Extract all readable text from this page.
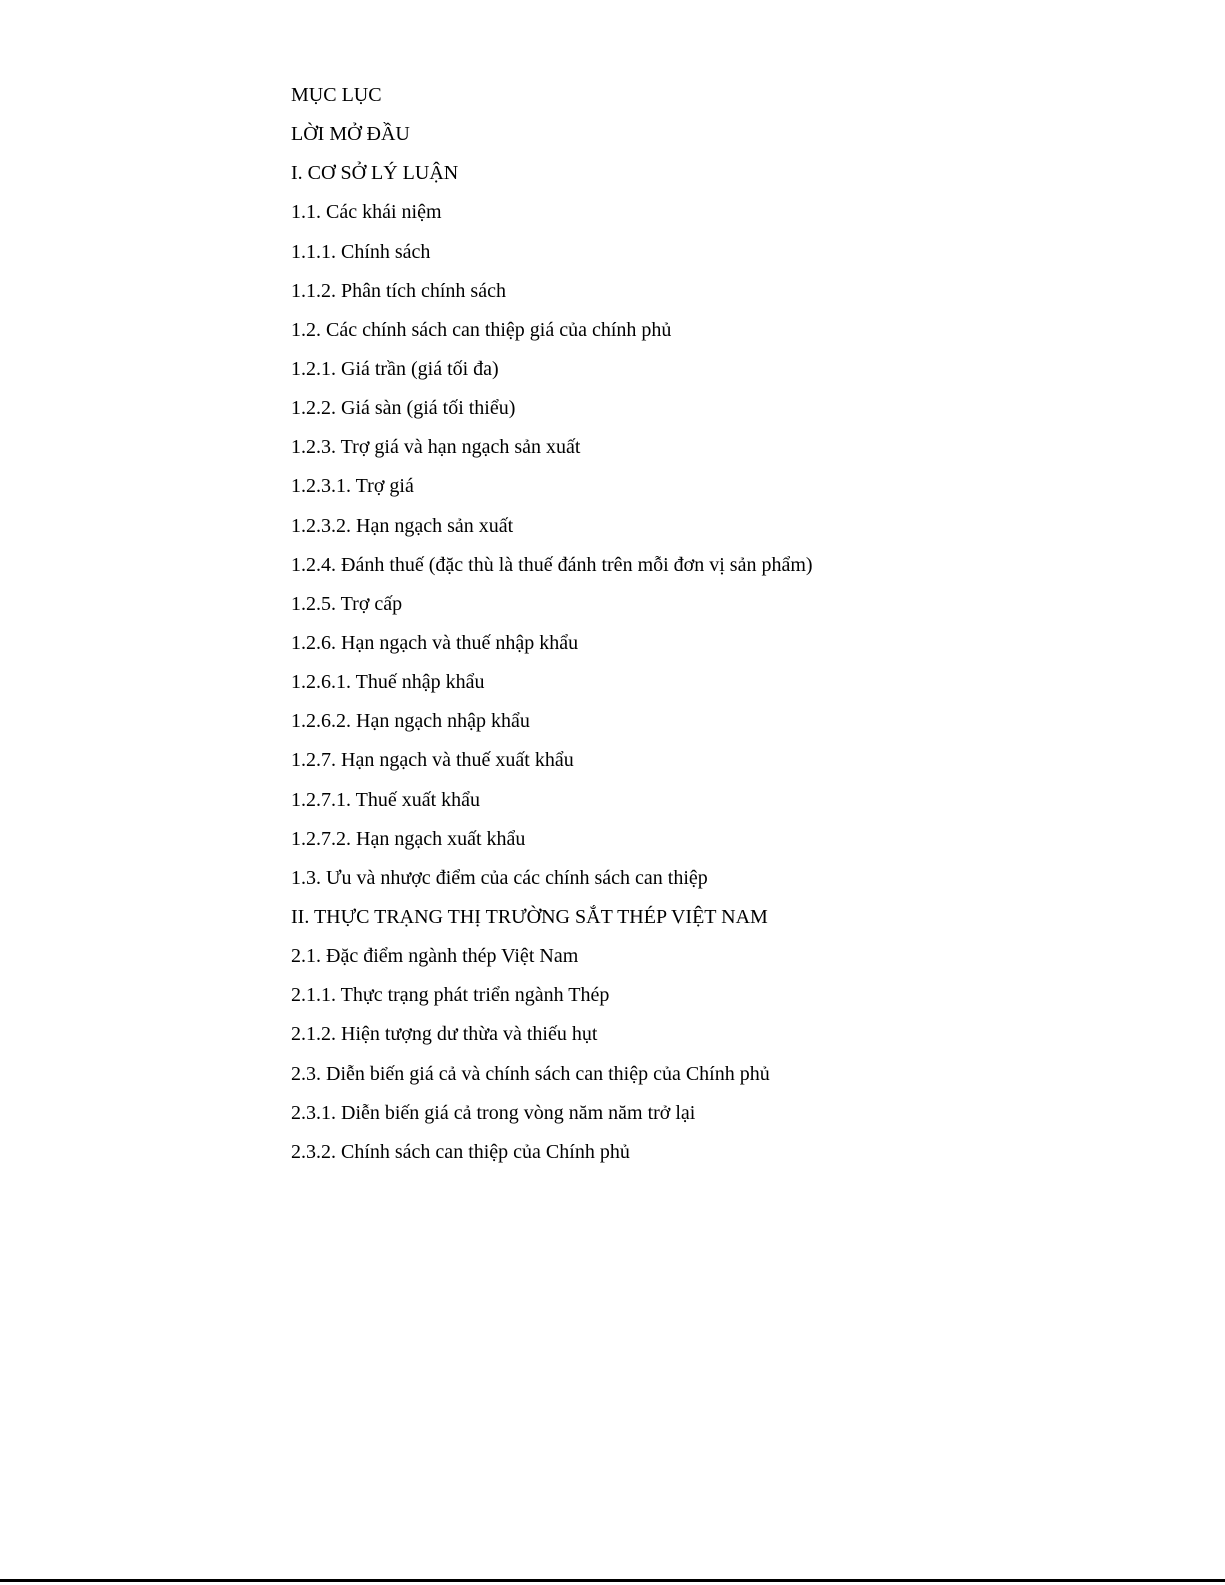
MỤC LỤC
LỜI MỞ ĐẦU
I. CƠ SỞ LÝ LUẬN
1.1. Các khái niệm
1.1.1. Chính sách
1.1.2. Phân tích chính sách
1.2. Các chính sách can thiệp giá của chính phủ
1.2.1. Giá trần (giá tối đa)
1.2.2. Giá sàn (giá tối thiểu)
1.2.3. Trợ giá và hạn ngạch sản xuất
1.2.3.1. Trợ giá
1.2.3.2. Hạn ngạch sản xuất
1.2.4. Đánh thuế (đặc thù là thuế đánh trên mỗi đơn vị sản phẩm)
1.2.5. Trợ cấp
1.2.6. Hạn ngạch và thuế nhập khẩu
1.2.6.1. Thuế nhập khẩu
1.2.6.2. Hạn ngạch nhập khẩu
1.2.7. Hạn ngạch và thuế xuất khẩu
1.2.7.1. Thuế xuất khẩu
1.2.7.2. Hạn ngạch xuất khẩu
1.3. Ưu và nhược điểm của các chính sách can thiệp
II. THỰC TRẠNG THỊ TRƯỜNG SẮT THÉP VIỆT NAM
2.1. Đặc điểm ngành thép Việt Nam
2.1.1. Thực trạng phát triển ngành Thép
2.1.2. Hiện tượng dư thừa và thiếu hụt
2.3. Diễn biến giá cả và chính sách can thiệp của Chính phủ
2.3.1. Diễn biến giá cả trong vòng năm năm trở lại
2.3.2. Chính sách can thiệp của Chính phủ
